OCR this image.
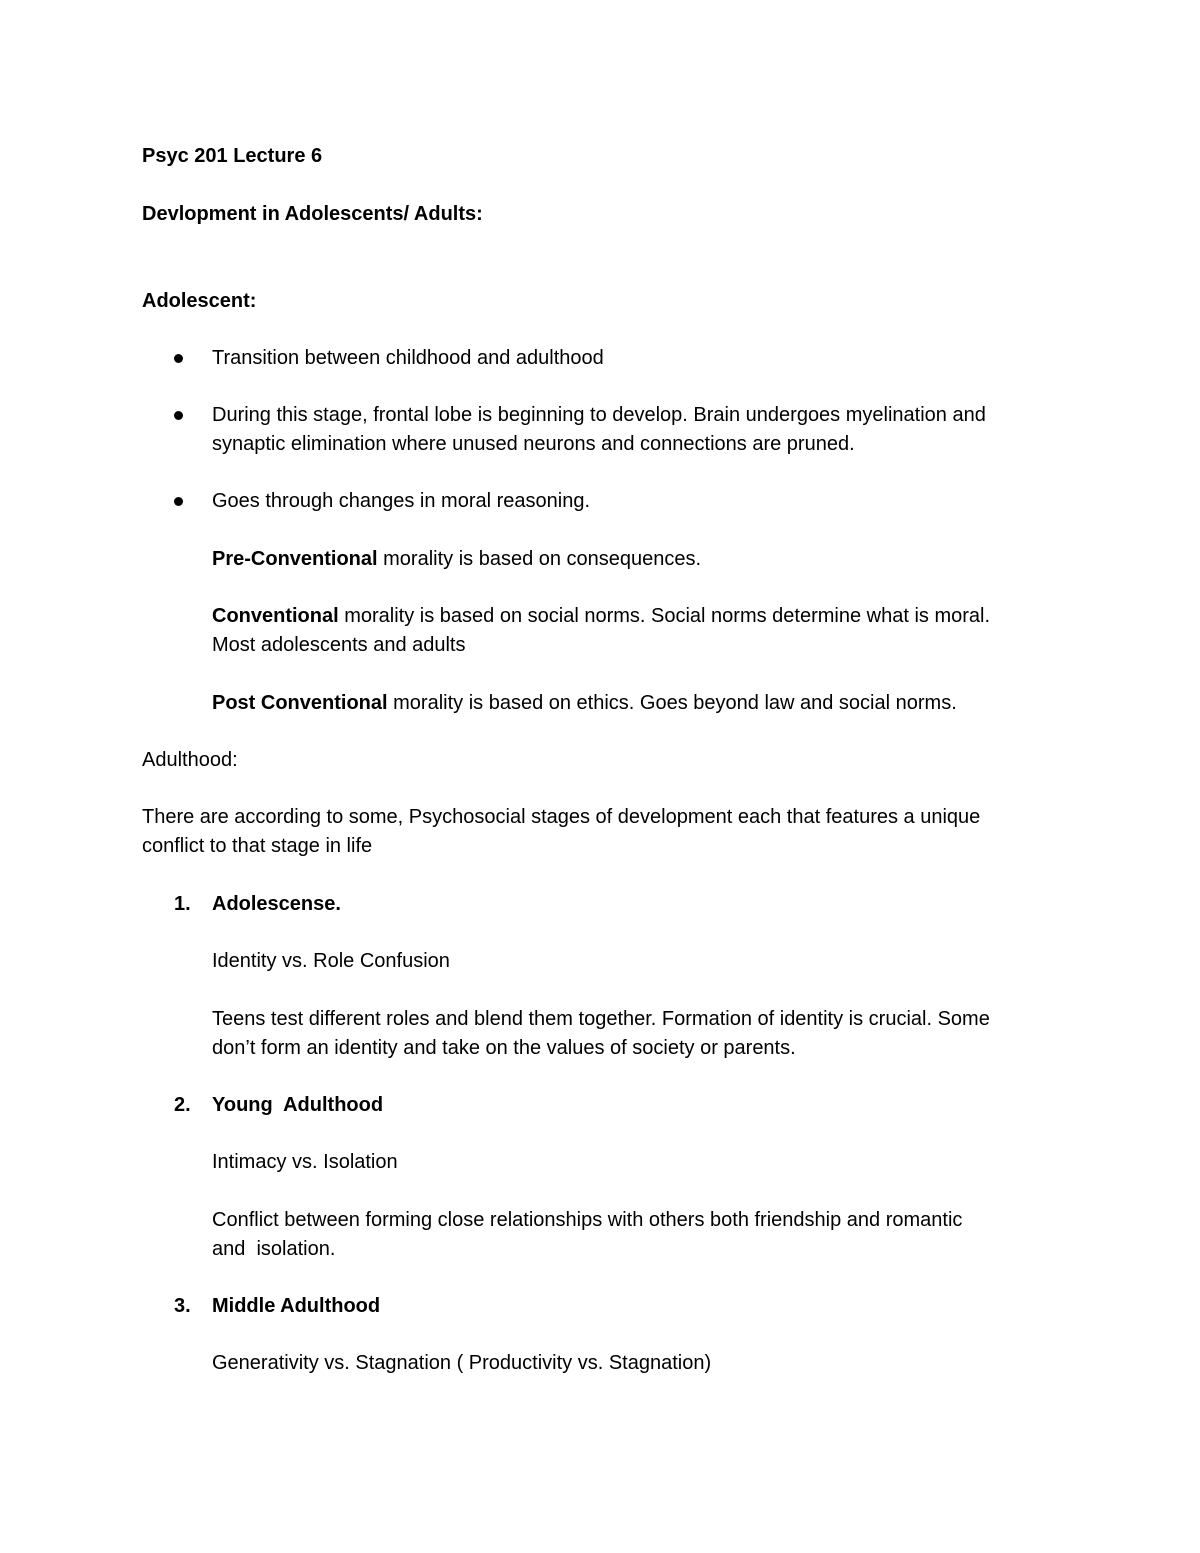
Psyc 201 Lecture 6
Devlopment in Adolescents/ Adults:
Adolescent:
Transition between childhood and adulthood
During this stage, frontal lobe is beginning to develop. Brain undergoes myelination and
synaptic elimination where unused neurons and connections are pruned.
Goes through changes in moral reasoning.
Pre-Conventional morality is based on consequences.
Conventional morality is based on social norms. Social norms determine what is moral.
Most adolescents and adults
Post Conventional morality is based on ethics. Goes beyond law and social norms.
Adulthood:
There are according to some, Psychosocial stages of development each that features a unique
conflict to that stage in life
1. Adolescense.
Identity vs. Role Confusion
Teens test different roles and blend them together. Formation of identity is crucial. Some
don’t form an identity and take on the values of society or parents.
2. Young  Adulthood
Intimacy vs. Isolation
Conflict between forming close relationships with others both friendship and romantic
and  isolation.
3. Middle Adulthood
Generativity vs. Stagnation ( Productivity vs. Stagnation)
